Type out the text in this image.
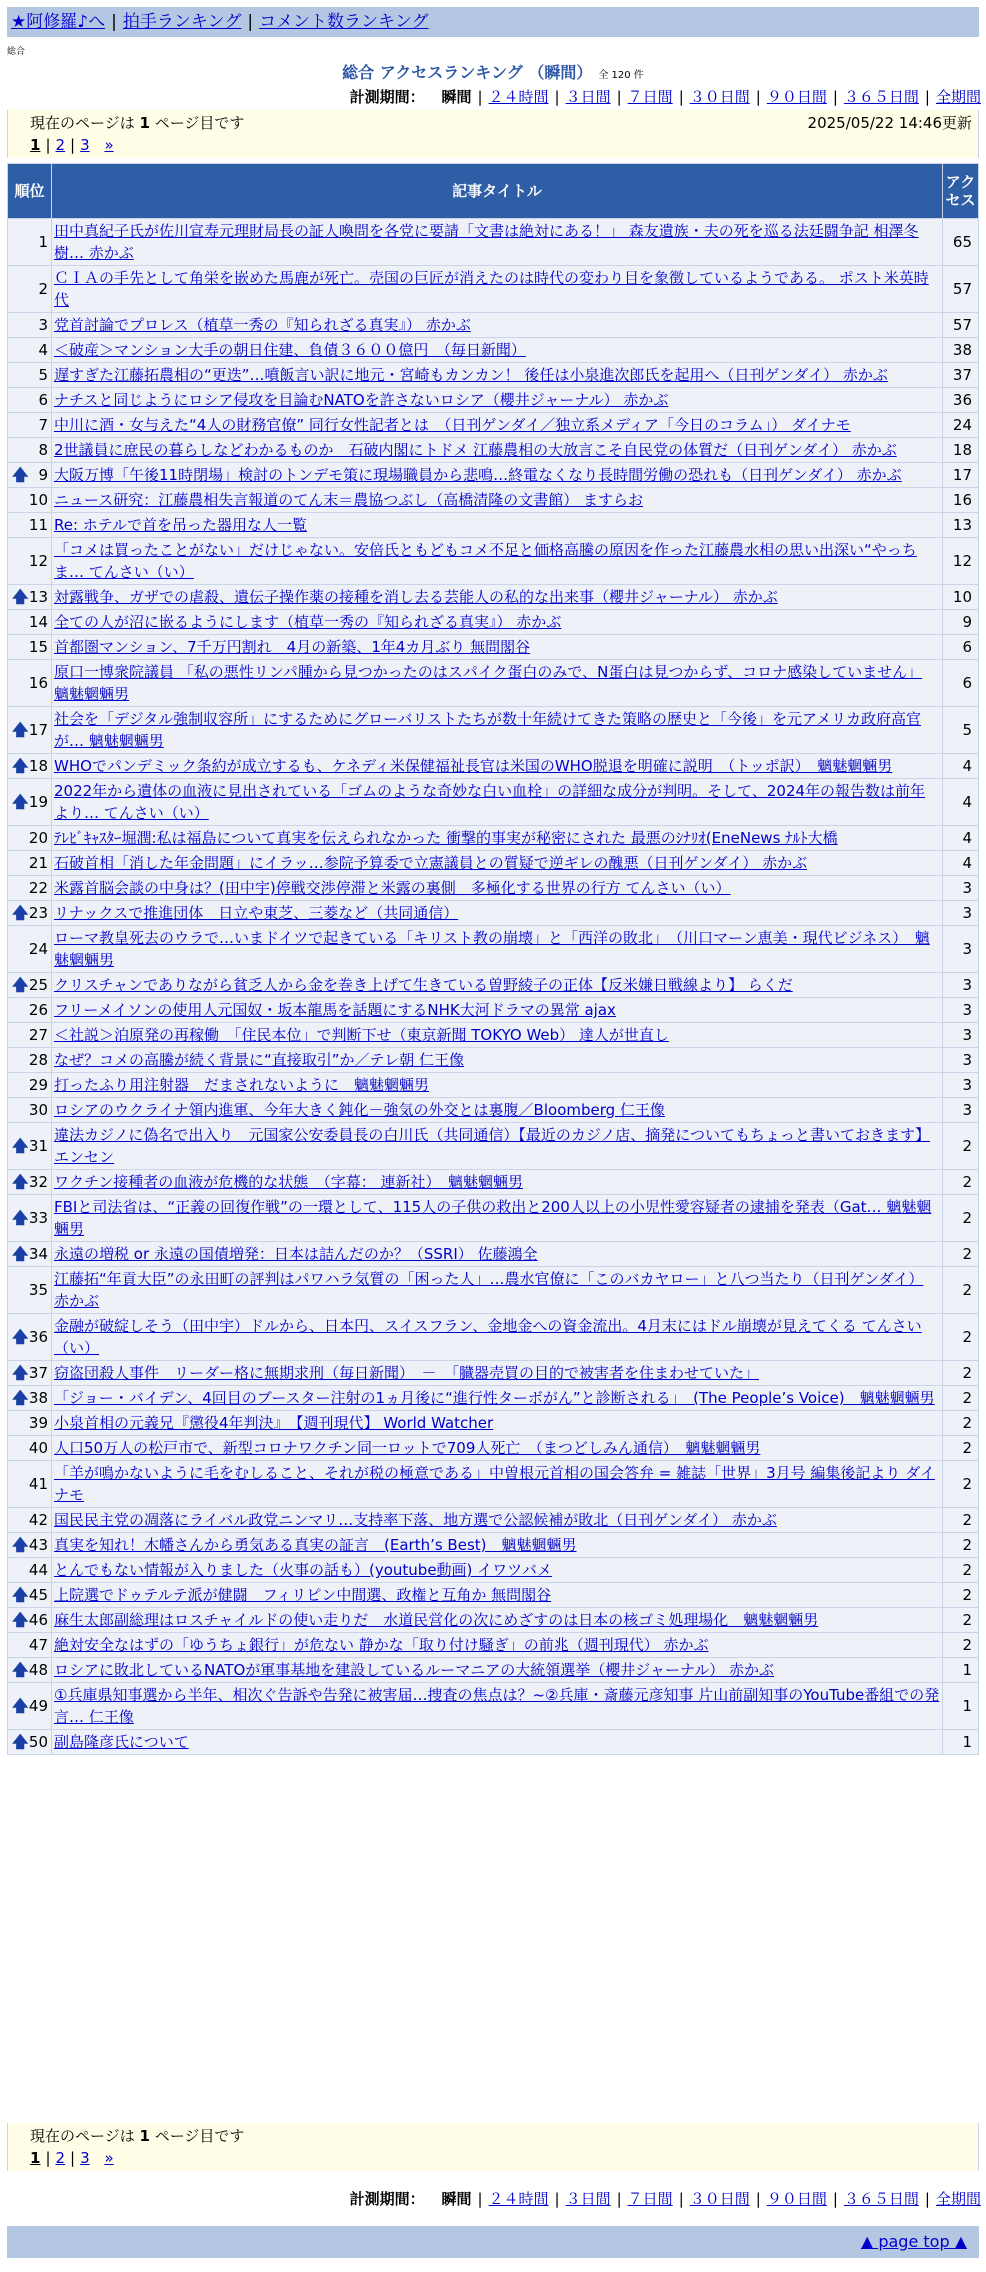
★阿修羅♪へ | 拍手ランキング | コメント数ランキング
総合
総合 アクセスランキング （瞬間） 全 120 件
計測期間： 瞬間 | ２４時間 | ３日間 | ７日間 | ３０日間 | ９０日間 | ３６５日間 | 全期間
現在のページは 1 ページ目です	2025/05/22 14:46更新
1 | 2 | 3 »
順位	記事タイトル	アクセス
1	田中真紀子氏が佐川宣寿元理財局長の証人喚問を各党に要請「文書は絶対にある！」 森友遺族・夫の死を巡る法廷闘争記 相澤冬樹… 赤かぶ	65
2	ＣＩＡの手先として角栄を嵌めた馬鹿が死亡。売国の巨匠が消えたのは時代の変わり目を象徴しているようである。 ポスト米英時代	57
3	党首討論でプロレス（植草一秀の『知られざる真実』） 赤かぶ	57
4	＜破産＞マンション大手の朝日住建、負債３６００億円　（毎日新聞）	38
5	遅すぎた江藤拓農相の“更迭”…噴飯言い訳に地元・宮崎もカンカン！ 後任は小泉進次郎氏を起用へ（日刊ゲンダイ） 赤かぶ	37
6	ナチスと同じようにロシア侵攻を目論むNATOを許さないロシア（櫻井ジャーナル） 赤かぶ	36
7	中川に酒・女与えた“4人の財務官僚” 同行女性記者とは　（日刊ゲンダイ／独立系メディア「今日のコラム」） ダイナモ	24
8	2世議員に庶民の暮らしなどわかるものか　石破内閣にトドメ 江藤農相の大放言こそ自民党の体質だ（日刊ゲンダイ） 赤かぶ	18

🡅 9	大阪万博「午後11時閉場」検討のトンデモ策に現場職員から悲鳴…終電なくなり長時間労働の恐れも（日刊ゲンダイ） 赤かぶ	17
10	ニュース研究：江藤農相失言報道のてん末＝農協つぶし（高橋清隆の文書館） ますらお	16
11	Re: ホテルで首を吊った器用な人一覧	13
12	「コメは買ったことがない」だけじゃない。安倍氏ともどもコメ不足と価格高騰の原因を作った江藤農水相の思い出深い“やっちま… てんさい（い）	12

🡅 13	対露戦争、ガザでの虐殺、遺伝子操作薬の接種を消し去る芸能人の私的な出来事（櫻井ジャーナル） 赤かぶ	10
14	全ての人が沼に嵌るようにします（植草一秀の『知られざる真実』） 赤かぶ	9
15	首都圏マンション、7千万円割れ　4月の新築、1年4カ月ぶり 無問閣谷	6
16	原口一博衆院議員 「私の悪性リンパ腫から見つかったのはスパイク蛋白のみで、N蛋白は見つからず、コロナ感染していません」 魑魅魍魎男	6

🡅 17	社会を「デジタル強制収容所」にするためにグローバリストたちが数十年続けてきた策略の歴史と「今後」を元アメリカ政府高官が… 魑魅魍魎男	5

🡅 18	WHOでパンデミック条約が成立するも、ケネディ米保健福祉長官は米国のWHO脱退を明確に説明　（トッポ訳）　魑魅魍魎男	4

🡅 19	2022年から遺体の血液に見出されている「ゴムのような奇妙な白い血栓」の詳細な成分が判明。そして、2024年の報告数は前年より… てんさい（い）	4
20	ﾃﾚﾋﾞｷｬｽﾀｰ堀潤:私は福島について真実を伝えられなかった 衝撃的事実が秘密にされた 最悪のｼﾅﾘｵ(EneNews ﾅﾙﾄ大橋	4
21	石破首相「消した年金問題」にイラッ…参院予算委で立憲議員との質疑で逆ギレの醜悪（日刊ゲンダイ） 赤かぶ	4
22	米露首脳会談の中身は？(田中宇)停戦交渉停滞と米露の裏側　多極化する世界の行方 てんさい（い）	3

🡅 23	リナックスで推進団体　日立や東芝、三菱など（共同通信）	3
24	ローマ教皇死去のウラで…いまドイツで起きている「キリスト教の崩壊」と「西洋の敗北」　（川口マーン恵美・現代ビジネス）　魑魅魍魎男	3

🡅 25	クリスチャンでありながら貧乏人から金を巻き上げて生きている曽野綾子の正体【反米嫌日戦線より】 らくだ	3
26	フリーメイソンの使用人元国奴・坂本龍馬を話題にするNHK大河ドラマの異常 ajax	3
27	＜社説＞泊原発の再稼働　「住民本位」で判断下せ（東京新聞 TOKYO Web） 達人が世直し	3
28	なぜ？コメの高騰が続く背景に“直接取引”か／テレ朝 仁王像	3
29	打ったふり用注射器　だまされないように　魑魅魍魎男	3
30	ロシアのウクライナ領内進軍、今年大きく鈍化－強気の外交とは裏腹／Bloomberg 仁王像	3

🡅 31	違法カジノに偽名で出入り　元国家公安委員長の白川氏（共同通信）【最近のカジノ店、摘発についてもちょっと書いておきます】 エンセン	2

🡅 32	ワクチン接種者の血液が危機的な状態　（字幕： 連新社）　魑魅魍魎男	2

🡅 33	FBIと司法省は、“正義の回復作戦”の一環として、115人の子供の救出と200人以上の小児性愛容疑者の逮捕を発表（Gat… 魑魅魍魎男	2

🡅 34	永遠の増税 or 永遠の国債増発：日本は詰んだのか？（SSRI） 佐藤鴻全	2
35	江藤拓“年貢大臣”の永田町の評判はパワハラ気質の「困った人」…農水官僚に「このバカヤロー」と八つ当たり（日刊ゲンダイ） 赤かぶ	2

🡅 36	金融が破綻しそう（田中宇）ドルから、日本円、スイスフラン、金地金への資金流出。4月末にはドル崩壊が見えてくる てんさい（い）	2

🡅 37	窃盗団殺人事件　リーダー格に無期求刑（毎日新聞）　－　「臓器売買の目的で被害者を住まわせていた」	2

🡅 38	「ジョー・バイデン、4回目のブースター注射の1ヵ月後に“進行性ターボがん”と診断される」　(The People’s Voice)　魑魅魍魎男	2
39	小泉首相の元義兄『懲役4年判決』　【週刊現代】 World Watcher	2
40	人口50万人の松戸市で、新型コロナワクチン同一ロットで709人死亡　（まつどしみん通信）　魑魅魍魎男	2
41	「羊が鳴かないように毛をむしること、それが税の極意である」中曽根元首相の国会答弁 = 雑誌「世界」3月号 編集後記より ダイナモ	2
42	国民民主党の凋落にライバル政党ニンマリ…支持率下落、地方選で公認候補が敗北（日刊ゲンダイ） 赤かぶ	2

🡅 43	真実を知れ！木幡さんから勇気ある真実の証言　(Earth’s Best)　魑魅魍魎男	2
44	とんでもない情報が入りました（火事の話も）(youtube動画) イワツバメ	2

🡅 45	上院選でドゥテルテ派が健闘　フィリピン中間選、政権と互角か 無問閣谷	2

🡅 46	麻生太郎副総理はロスチャイルドの使い走りだ　水道民営化の次にめざすのは日本の核ゴミ処理場化　魑魅魍魎男	2
47	絶対安全なはずの「ゆうちょ銀行」が危ない 静かな「取り付け騒ぎ」の前兆（週刊現代） 赤かぶ	2

🡅 48	ロシアに敗北しているNATOが軍事基地を建設しているルーマニアの大統領選挙（櫻井ジャーナル） 赤かぶ	1

🡅 49	①兵庫県知事選から半年、相次ぐ告訴や告発に被害届…捜査の焦点は？~②兵庫・斎藤元彦知事 片山前副知事のYouTube番組での発言… 仁王像	1

🡅 50	副島隆彦氏について	1
現在のページは 1 ページ目です
1 | 2 | 3 »
計測期間： 瞬間 | ２４時間 | ３日間 | ７日間 | ３０日間 | ９０日間 | ３６５日間 | 全期間
▲ page top ▲
